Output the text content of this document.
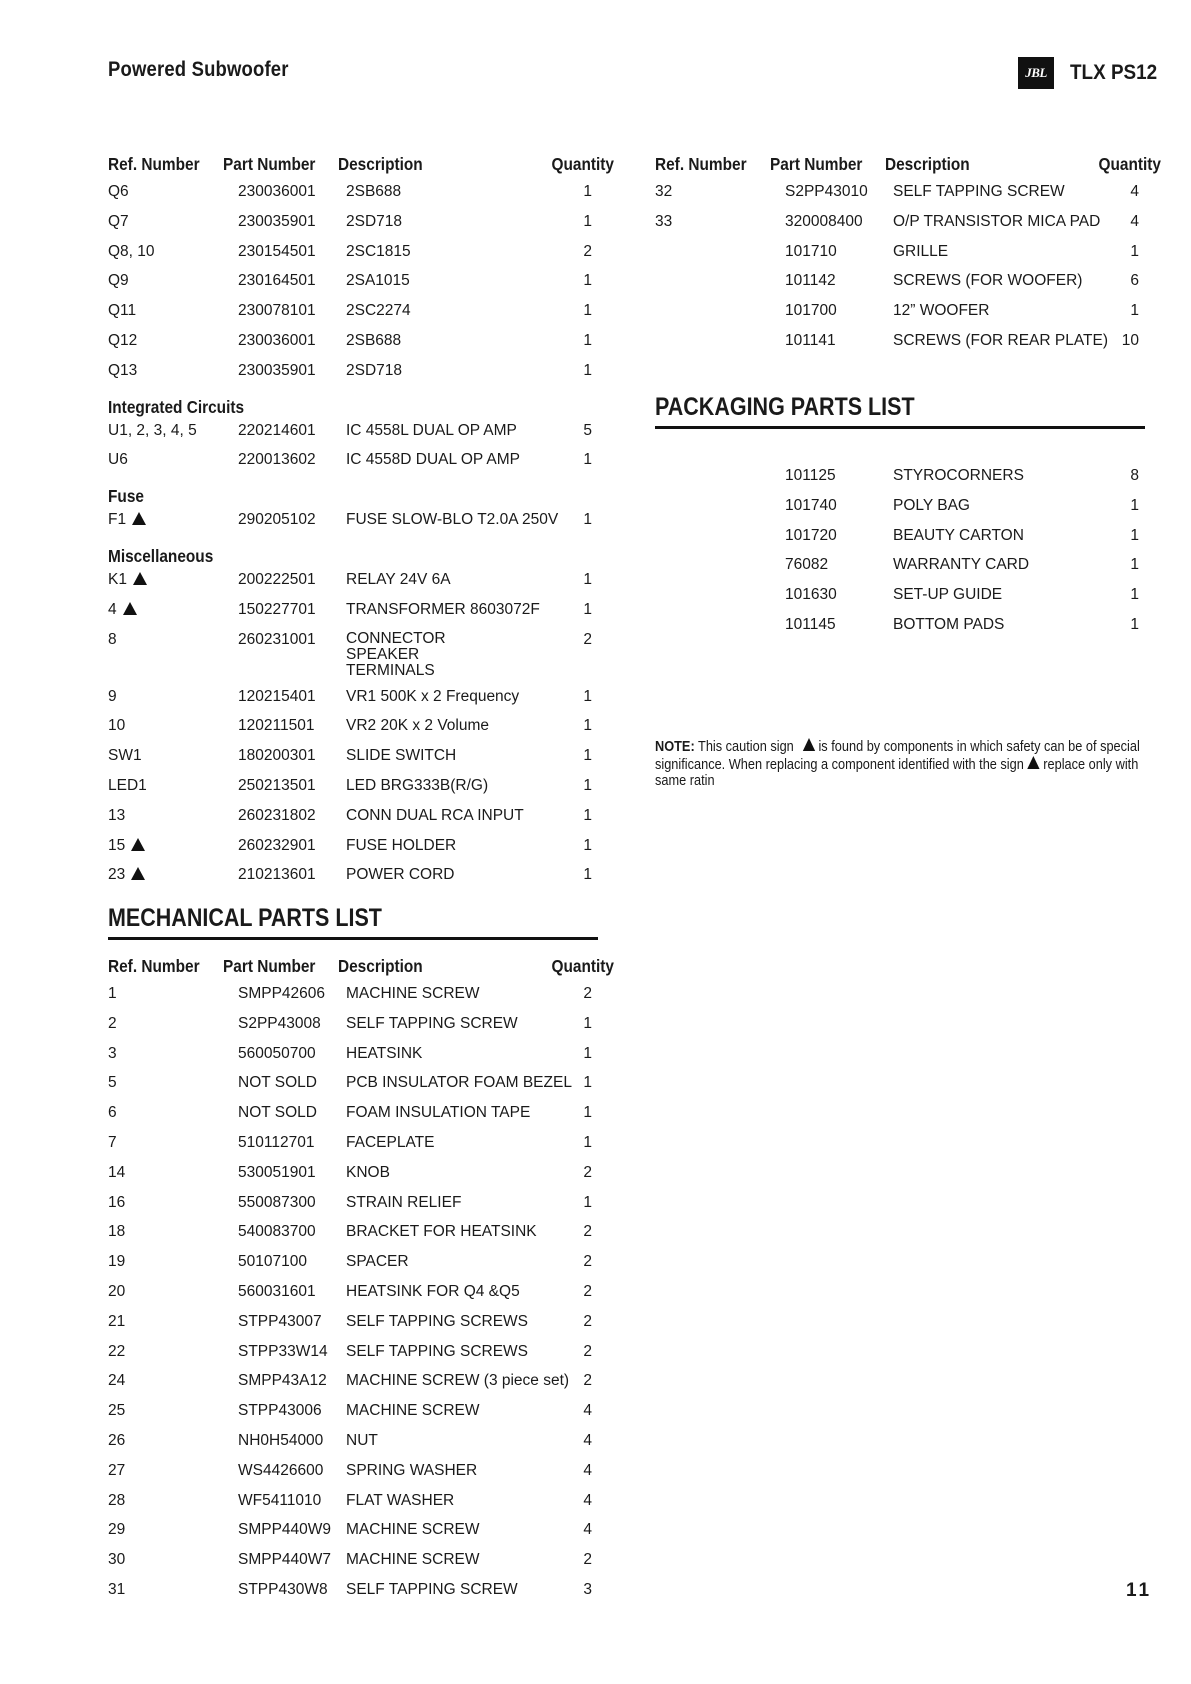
Powered Subwoofer	JBL	TLX PS12
Ref. Number	Part Number	Description	Quantity
Q6	230036001	2SB688	1
Q7	230035901	2SD718	1
Q8, 10	230154501	2SC1815	2
Q9	230164501	2SA1015	1
Q11	230078101	2SC2274	1
Q12	230036001	2SB688	1
Q13	230035901	2SD718	1
Integrated Circuits
U1, 2, 3, 4, 5	220214601	IC 4558L DUAL OP AMP	5
U6	220013602	IC 4558D DUAL OP AMP	1
Fuse
F1	290205102	FUSE SLOW-BLO T2.0A 250V	1
Miscellaneous
K1	200222501	RELAY 24V 6A	1
4	150227701	TRANSFORMER 8603072F	1
8	260231001	CONNECTOR SPEAKER TERMINALS	2
9	120215401	VR1 500K x 2 Frequency	1
10	120211501	VR2 20K x 2 Volume	1
SW1	180200301	SLIDE SWITCH	1
LED1	250213501	LED BRG333B(R/G)	1
13	260231802	CONN DUAL RCA INPUT	1
15	260232901	FUSE HOLDER	1
23	210213601	POWER CORD	1
MECHANICAL PARTS LIST
Ref. Number	Part Number	Description	Quantity
1	SMPP42606	MACHINE SCREW	2
2	S2PP43008	SELF TAPPING SCREW	1
3	560050700	HEATSINK	1
5	NOT SOLD	PCB INSULATOR FOAM BEZEL	1
6	NOT SOLD	FOAM INSULATION TAPE	1
7	510112701	FACEPLATE	1
14	530051901	KNOB	2
16	550087300	STRAIN RELIEF	1
18	540083700	BRACKET FOR HEATSINK	2
19	50107100	SPACER	2
20	560031601	HEATSINK FOR Q4 &Q5	2
21	STPP43007	SELF TAPPING SCREWS	2
22	STPP33W14	SELF TAPPING SCREWS	2
24	SMPP43A12	MACHINE SCREW (3 piece set)	2
25	STPP43006	MACHINE SCREW	4
26	NH0H54000	NUT	4
27	WS4426600	SPRING WASHER	4
28	WF5411010	FLAT WASHER	4
29	SMPP440W9	MACHINE SCREW	4
30	SMPP440W7	MACHINE SCREW	2
31	STPP430W8	SELF TAPPING SCREW	3
Ref. Number	Part Number	Description	Quantity
32	S2PP43010	SELF TAPPING SCREW	4
33	320008400	O/P TRANSISTOR MICA PAD	4
	101710	GRILLE	1
	101142	SCREWS (FOR WOOFER)	6
	101700	12” WOOFER	1
	101141	SCREWS (FOR REAR PLATE)	10
PACKAGING PARTS LIST
	101125	STYROCORNERS	8
	101740	POLY BAG	1
	101720	BEAUTY CARTON	1
	76082	WARRANTY CARD	1
	101630	SET-UP GUIDE	1
	101145	BOTTOM PADS	1
NOTE: This caution sign is found by components in which safety can be of special significance. When replacing a component identified with the sign replace only with same ratin
11
